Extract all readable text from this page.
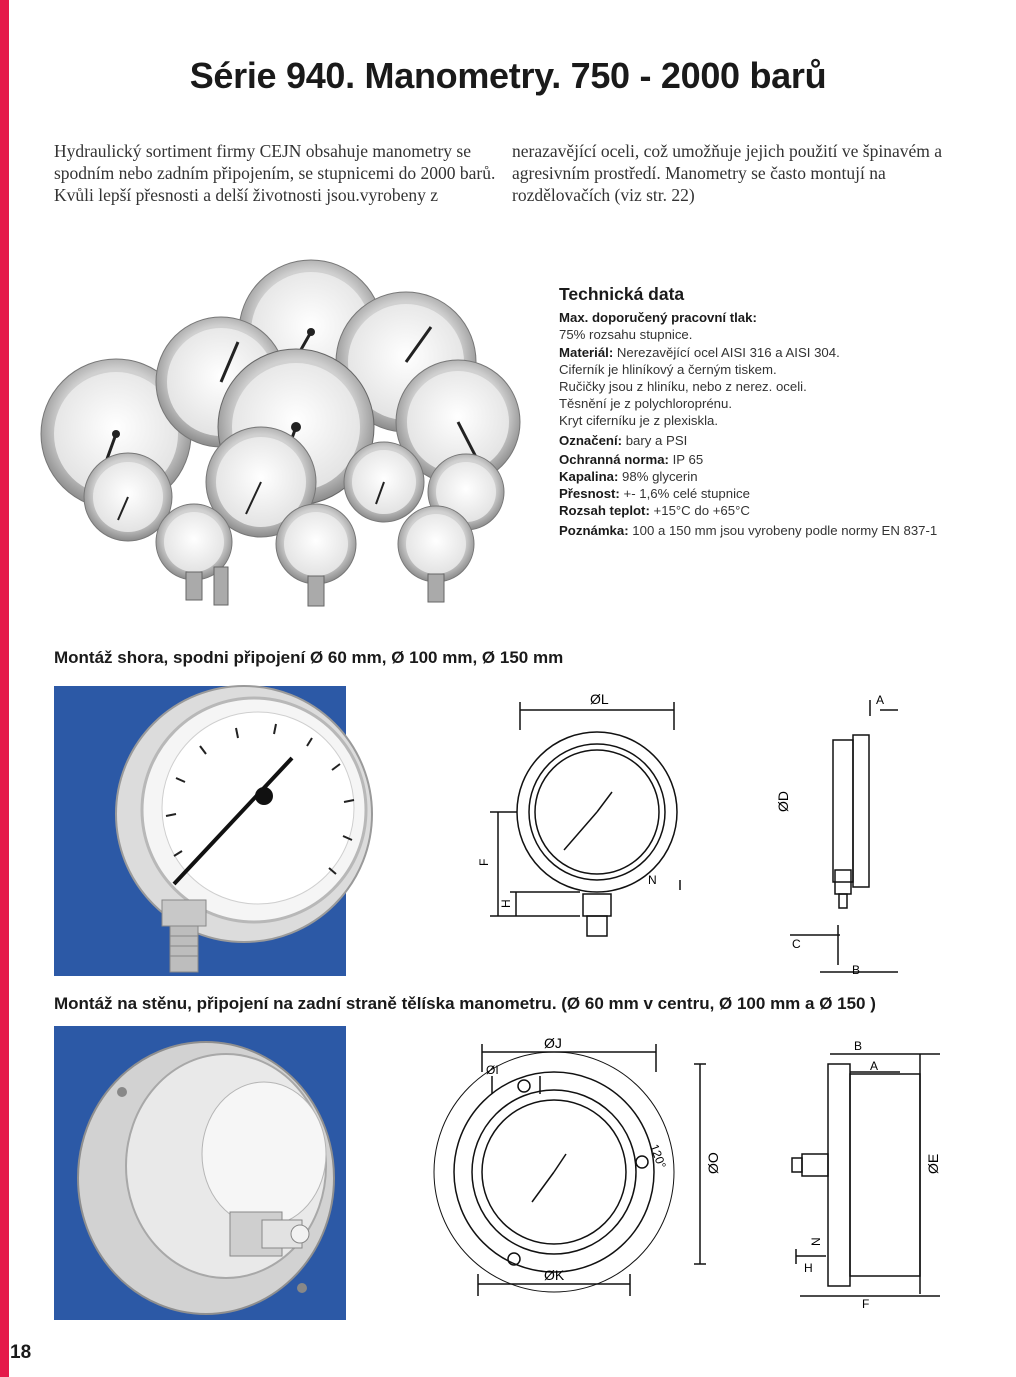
Série 940. Manometry. 750 - 2000 barů
Hydraulický sortiment firmy CEJN obsahuje manometry se spodním nebo zadním připojením, se stupnicemi do 2000 barů. Kvůli lepší přesnosti a delší životnosti jsou.vyrobeny z
nerazavějící oceli, což umožňuje jejich použití ve špinavém a agresivním prostředí. Manometry se často montují na rozdělovačích (viz str. 22)
Technická data
Max. doporučený pracovní tlak:
75% rozsahu stupnice.
Materiál: Nerezavějící ocel AISI 316 a AISI 304.
Ciferník je hliníkový a černým tiskem.
Ručičky jsou z hliníku, nebo z nerez. oceli.
Těsnění je z polychloroprénu.
Kryt ciferníku je z plexiskla.
Označení: bary a PSI
Ochranná norma: IP 65
Kapalina: 98% glycerin
Přesnost: +- 1,6% celé stupnice
Rozsah teplot: +15°C do +65°C
Poznámka: 100 a 150 mm jsou vyrobeny podle normy EN 837-1
Montáž shora, spodni připojení Ø 60 mm, Ø 100 mm, Ø 150 mm
ØL	A
ØD
F
H
N
C
B
Montáž na stěnu, připojení na zadní straně tělíska manometru. (Ø 60 mm v centru, Ø 100 mm a Ø 150 )
ØJ
ØI
120°	ØO
ØK
B
A
ØE
N
H
F
18
